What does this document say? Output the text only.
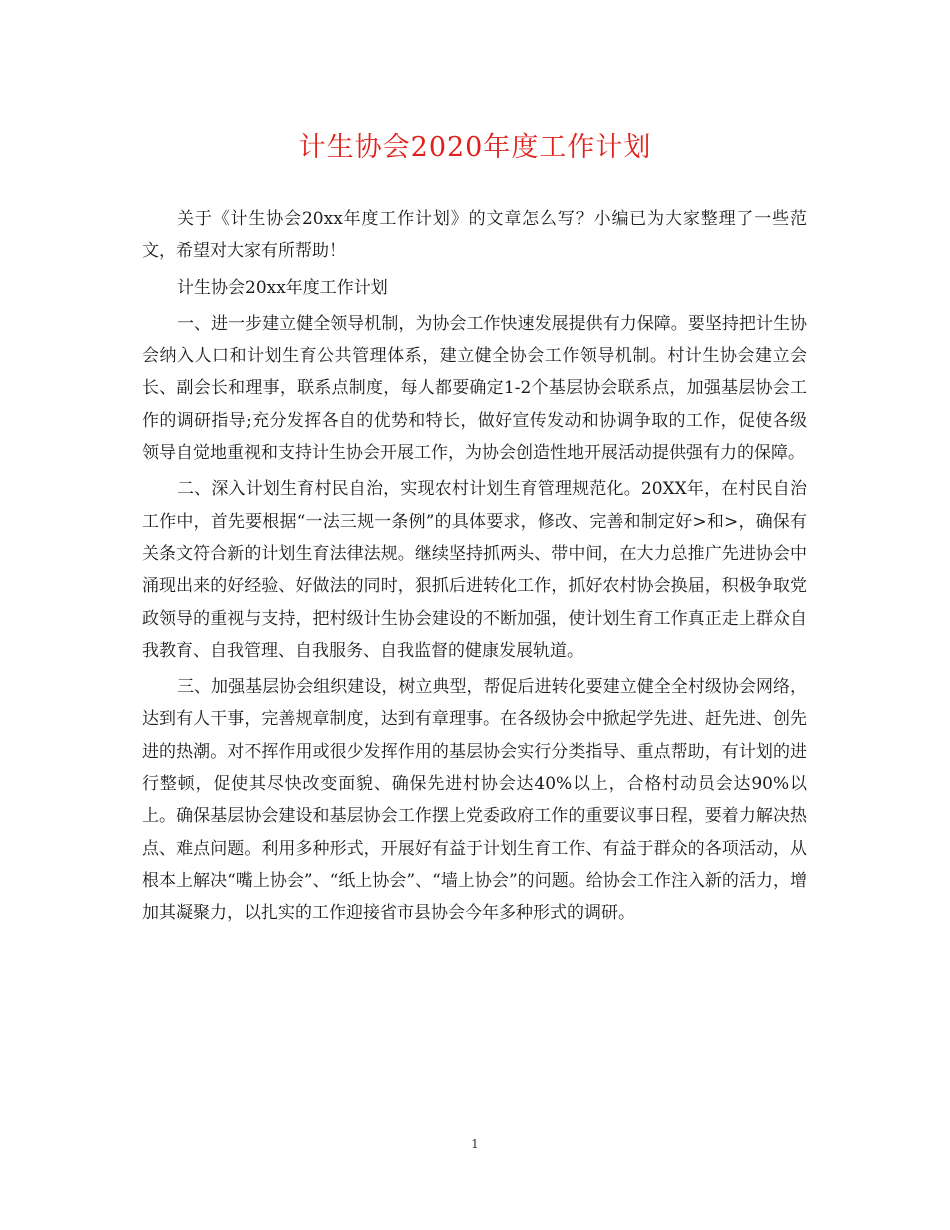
计生协会2020年度工作计划

关于《计生协会20xx年度工作计划》的文章怎么写？小编已为大家整理了一些范文，希望对大家有所帮助！

计生协会20xx年度工作计划

一、进一步建立健全领导机制，为协会工作快速发展提供有力保障。要坚持把计生协会纳入人口和计划生育公共管理体系，建立健全协会工作领导机制。村计生协会建立会长、副会长和理事，联系点制度，每人都要确定1-2个基层协会联系点，加强基层协会工作的调研指导;充分发挥各自的优势和特长，做好宣传发动和协调争取的工作，促使各级领导自觉地重视和支持计生协会开展工作，为协会创造性地开展活动提供强有力的保障。

二、深入计划生育村民自治，实现农村计划生育管理规范化。20XX年，在村民自治工作中，首先要根据“一法三规一条例”的具体要求，修改、完善和制定好>和>，确保有关条文符合新的计划生育法律法规。继续坚持抓两头、带中间，在大力总推广先进协会中涌现出来的好经验、好做法的同时，狠抓后进转化工作，抓好农村协会换届，积极争取党政领导的重视与支持，把村级计生协会建设的不断加强，使计划生育工作真正走上群众自我教育、自我管理、自我服务、自我监督的健康发展轨道。

三、加强基层协会组织建设，树立典型，帮促后进转化要建立健全全村级协会网络，达到有人干事，完善规章制度，达到有章理事。在各级协会中掀起学先进、赶先进、创先进的热潮。对不挥作用或很少发挥作用的基层协会实行分类指导、重点帮助，有计划的进行整顿，促使其尽快改变面貌、确保先进村协会达40%以上，合格村动员会达90%以上。确保基层协会建设和基层协会工作摆上党委政府工作的重要议事日程，要着力解决热点、难点问题。利用多种形式，开展好有益于计划生育工作、有益于群众的各项活动，从根本上解决“嘴上协会”、“纸上协会”、“墙上协会”的问题。给协会工作注入新的活力，增加其凝聚力，以扎实的工作迎接省市县协会今年多种形式的调研。

1
